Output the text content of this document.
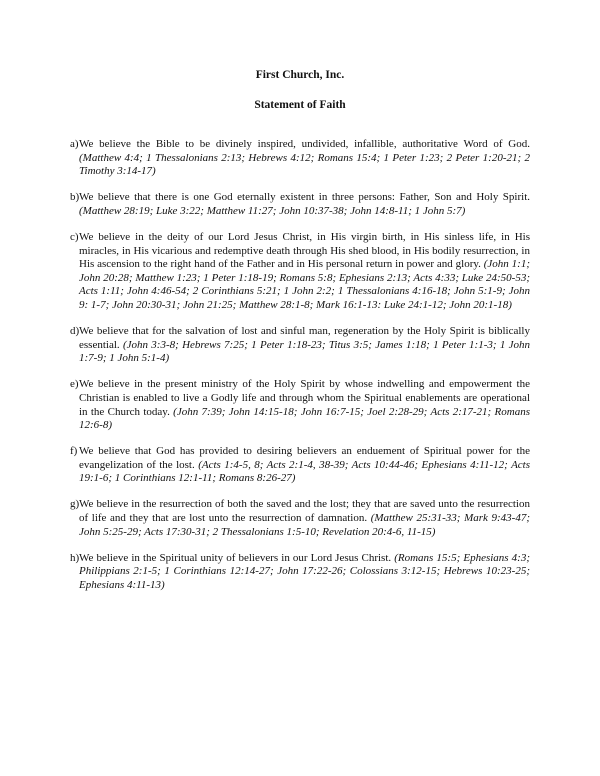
First Church, Inc.
Statement of Faith
a) We believe the Bible to be divinely inspired, undivided, infallible, authoritative Word of God. (Matthew 4:4; 1 Thessalonians 2:13; Hebrews 4:12; Romans 15:4; 1 Peter 1:23; 2 Peter 1:20-21; 2 Timothy 3:14-17)
b) We believe that there is one God eternally existent in three persons: Father, Son and Holy Spirit. (Matthew 28:19; Luke 3:22; Matthew 11:27; John 10:37-38; John 14:8-11; 1 John 5:7)
c) We believe in the deity of our Lord Jesus Christ, in His virgin birth, in His sinless life, in His miracles, in His vicarious and redemptive death through His shed blood, in His bodily resurrection, in His ascension to the right hand of the Father and in His personal return in power and glory. (John 1:1; John 20:28; Matthew 1:23; 1 Peter 1:18-19; Romans 5:8; Ephesians 2:13; Acts 4:33; Luke 24:50-53; Acts 1:11; John 4:46-54; 2 Corinthians 5:21; 1 John 2:2; 1 Thessalonians 4:16-18; John 5:1-9; John 9: 1-7; John 20:30-31; John 21:25; Matthew 28:1-8; Mark 16:1-13: Luke 24:1-12; John 20:1-18)
d) We believe that for the salvation of lost and sinful man, regeneration by the Holy Spirit is biblically essential. (John 3:3-8; Hebrews 7:25; 1 Peter 1:18-23; Titus 3:5; James 1:18; 1 Peter 1:1-3; 1 John 1:7-9; 1 John 5:1-4)
e) We believe in the present ministry of the Holy Spirit by whose indwelling and empowerment the Christian is enabled to live a Godly life and through whom the Spiritual enablements are operational in the Church today. (John 7:39; John 14:15-18; John 16:7-15; Joel 2:28-29; Acts 2:17-21; Romans 12:6-8)
f) We believe that God has provided to desiring believers an enduement of Spiritual power for the evangelization of the lost. (Acts 1:4-5, 8; Acts 2:1-4, 38-39; Acts 10:44-46; Ephesians 4:11-12; Acts 19:1-6; 1 Corinthians 12:1-11; Romans 8:26-27)
g) We believe in the resurrection of both the saved and the lost; they that are saved unto the resurrection of life and they that are lost unto the resurrection of damnation. (Matthew 25:31-33; Mark 9:43-47; John 5:25-29; Acts 17:30-31; 2 Thessalonians 1:5-10; Revelation 20:4-6, 11-15)
h) We believe in the Spiritual unity of believers in our Lord Jesus Christ. (Romans 15:5; Ephesians 4:3; Philippians 2:1-5; 1 Corinthians 12:14-27; John 17:22-26; Colossians 3:12-15; Hebrews 10:23-25; Ephesians 4:11-13)
